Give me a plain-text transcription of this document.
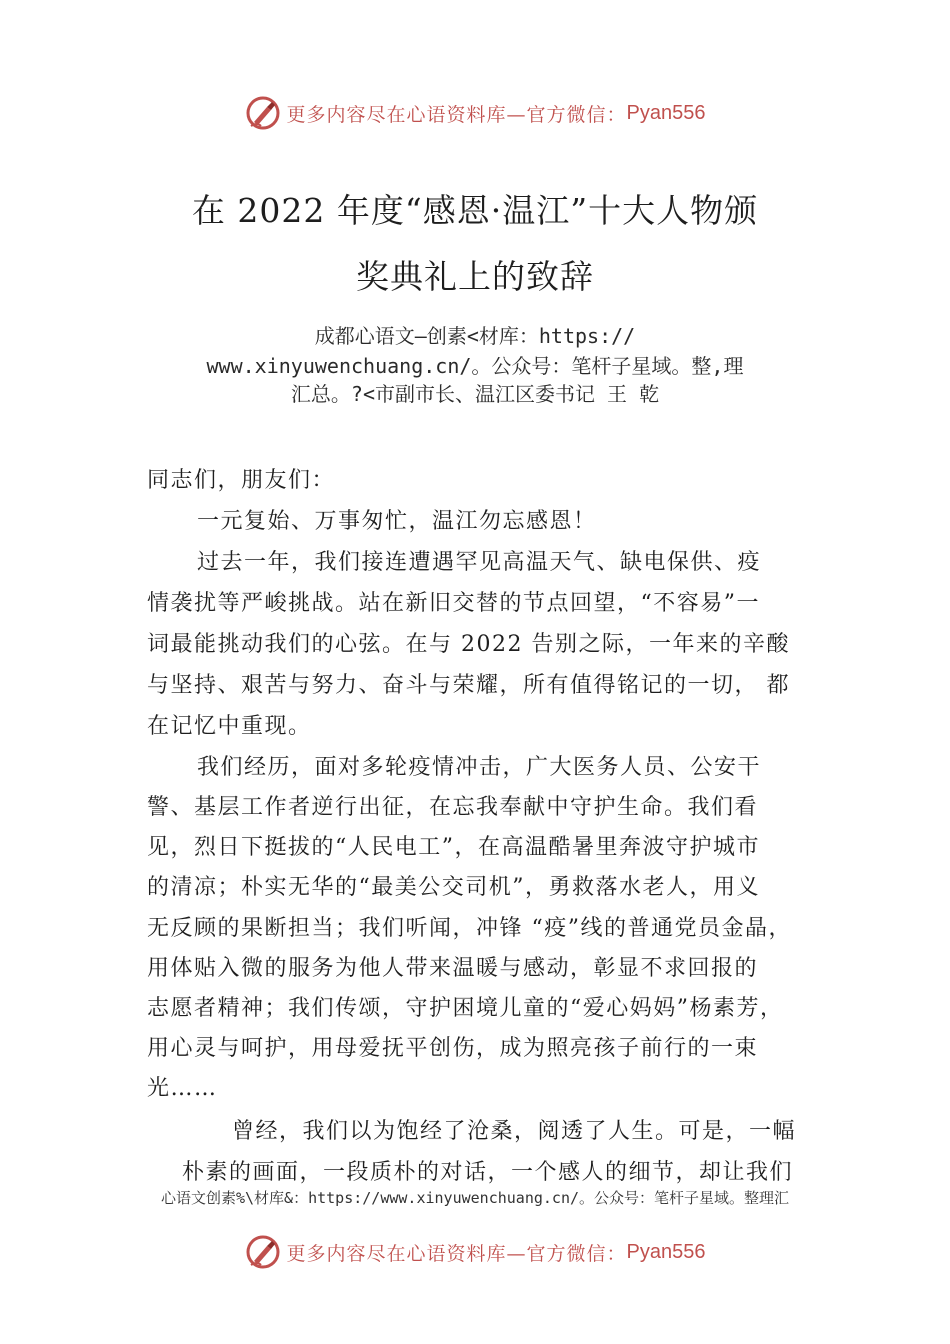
更多内容尽在心语资料库—官方微信： Pyan556
在 2022 年度“感恩·温江”十大人物颁
奖典礼上的致辞
成都心语文—创素<材库：https://
www.xinyuwenchuang.cn/。公众号：笔杆子星域。整,理
汇总。?<市副市长、温江区委书记 王 乾
同志们，朋友们：
一元复始、万事匆忙，温江勿忘感恩！
过去一年，我们接连遭遇罕见高温天气、缺电保供、疫
情袭扰等严峻挑战。站在新旧交替的节点回望，“不容易”一
词最能挑动我们的心弦。在与 2022 告别之际，一年来的辛酸
与坚持、艰苦与努力、奋斗与荣耀，所有值得铭记的一切， 都
在记忆中重现。
我们经历，面对多轮疫情冲击，广大医务人员、公安干
警、基层工作者逆行出征，在忘我奉献中守护生命。我们看
见，烈日下挺拔的“人民电工”，在高温酷暑里奔波守护城市
的清凉；朴实无华的“最美公交司机”，勇救落水老人，用义
无反顾的果断担当；我们听闻，冲锋 “疫”线的普通党员金晶，
用体贴入微的服务为他人带来温暖与感动，彰显不求回报的
志愿者精神；我们传颂，守护困境儿童的“爱心妈妈”杨素芳，
用心灵与呵护，用母爱抚平创伤，成为照亮孩子前行的一束
光……
曾经，我们以为饱经了沧桑，阅透了人生。可是，一幅
朴素的画面，一段质朴的对话，一个感人的细节，却让我们
心语文创素%\材库&：https://www.xinyuwenchuang.cn/。公众号：笔杆子星域。整理汇
更多内容尽在心语资料库—官方微信： Pyan556
